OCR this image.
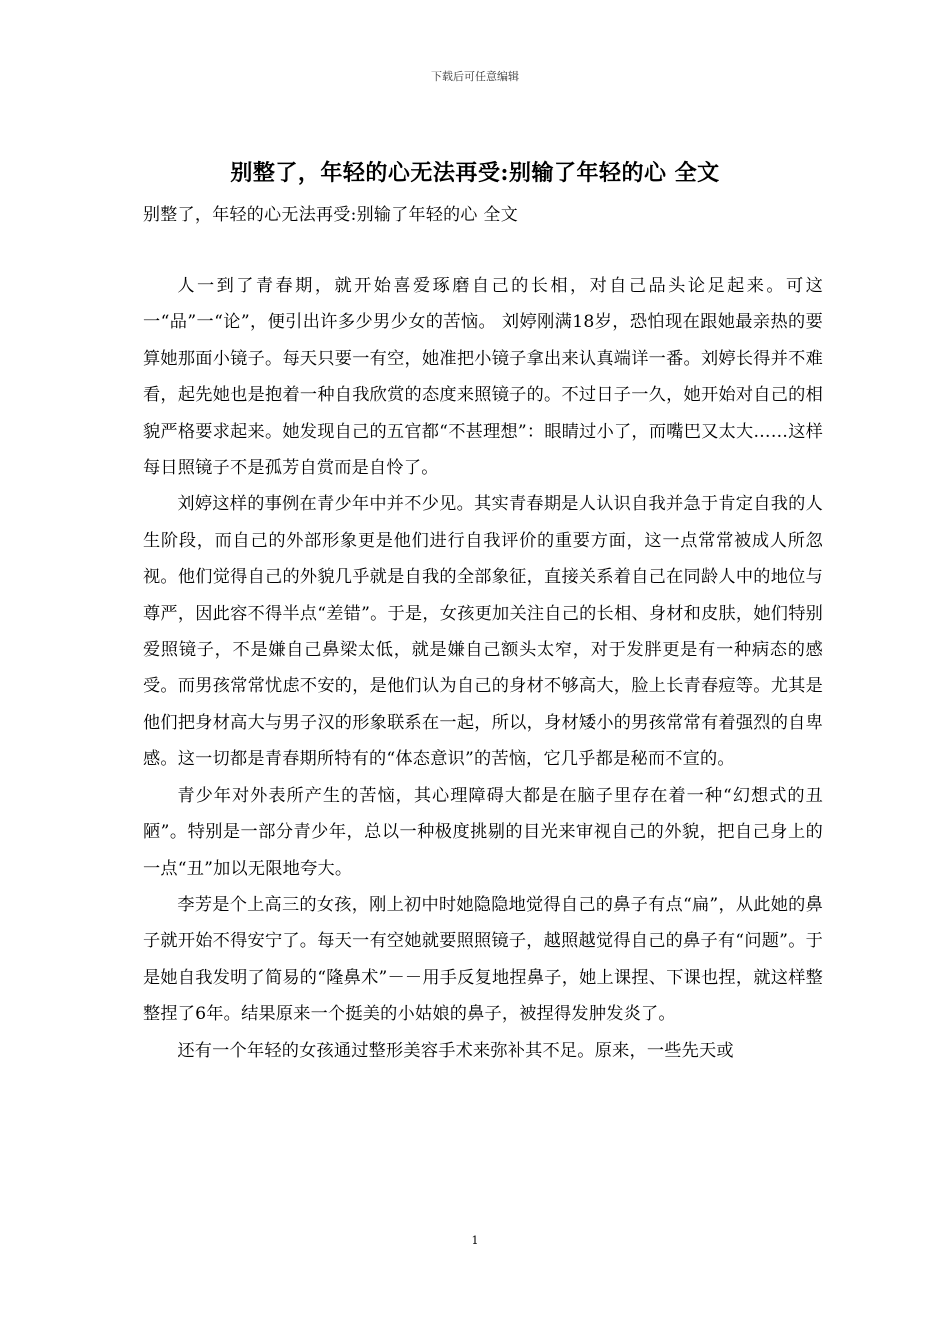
下载后可任意编辑
别整了，年轻的心无法再受:别输了年轻的心 全文
别整了，年轻的心无法再受:别输了年轻的心 全文

人一到了青春期，就开始喜爱琢磨自己的长相，对自己品头论足起来。可这一“品”一“论”，便引出许多少男少女的苦恼。 刘婷刚满18岁，恐怕现在跟她最亲热的要算她那面小镜子。每天只要一有空，她准把小镜子拿出来认真端详一番。刘婷长得并不难看，起先她也是抱着一种自我欣赏的态度来照镜子的。不过日子一久，她开始对自己的相貌严格要求起来。她发现自己的五官都“不甚理想”：眼睛过小了，而嘴巴又太大……这样每日照镜子不是孤芳自赏而是自怜了。

刘婷这样的事例在青少年中并不少见。其实青春期是人认识自我并急于肯定自我的人生阶段，而自己的外部形象更是他们进行自我评价的重要方面，这一点常常被成人所忽视。他们觉得自己的外貌几乎就是自我的全部象征，直接关系着自己在同龄人中的地位与尊严，因此容不得半点“差错”。于是，女孩更加关注自己的长相、身材和皮肤，她们特别爱照镜子，不是嫌自己鼻梁太低，就是嫌自己额头太窄，对于发胖更是有一种病态的感受。而男孩常常忧虑不安的，是他们认为自己的身材不够高大，脸上长青春痘等。尤其是他们把身材高大与男子汉的形象联系在一起，所以，身材矮小的男孩常常有着强烈的自卑感。这一切都是青春期所特有的“体态意识”的苦恼，它几乎都是秘而不宣的。

青少年对外表所产生的苦恼，其心理障碍大都是在脑子里存在着一种“幻想式的丑陋”。特别是一部分青少年，总以一种极度挑剔的目光来审视自己的外貌，把自己身上的一点“丑”加以无限地夸大。

李芳是个上高三的女孩，刚上初中时她隐隐地觉得自己的鼻子有点“扁”，从此她的鼻子就开始不得安宁了。每天一有空她就要照照镜子，越照越觉得自己的鼻子有“问题”。于是她自我发明了简易的“隆鼻术”－－用手反复地捏鼻子，她上课捏、下课也捏，就这样整整捏了6年。结果原来一个挺美的小姑娘的鼻子，被捏得发肿发炎了。

还有一个年轻的女孩通过整形美容手术来弥补其不足。原来，一些先天或

1
